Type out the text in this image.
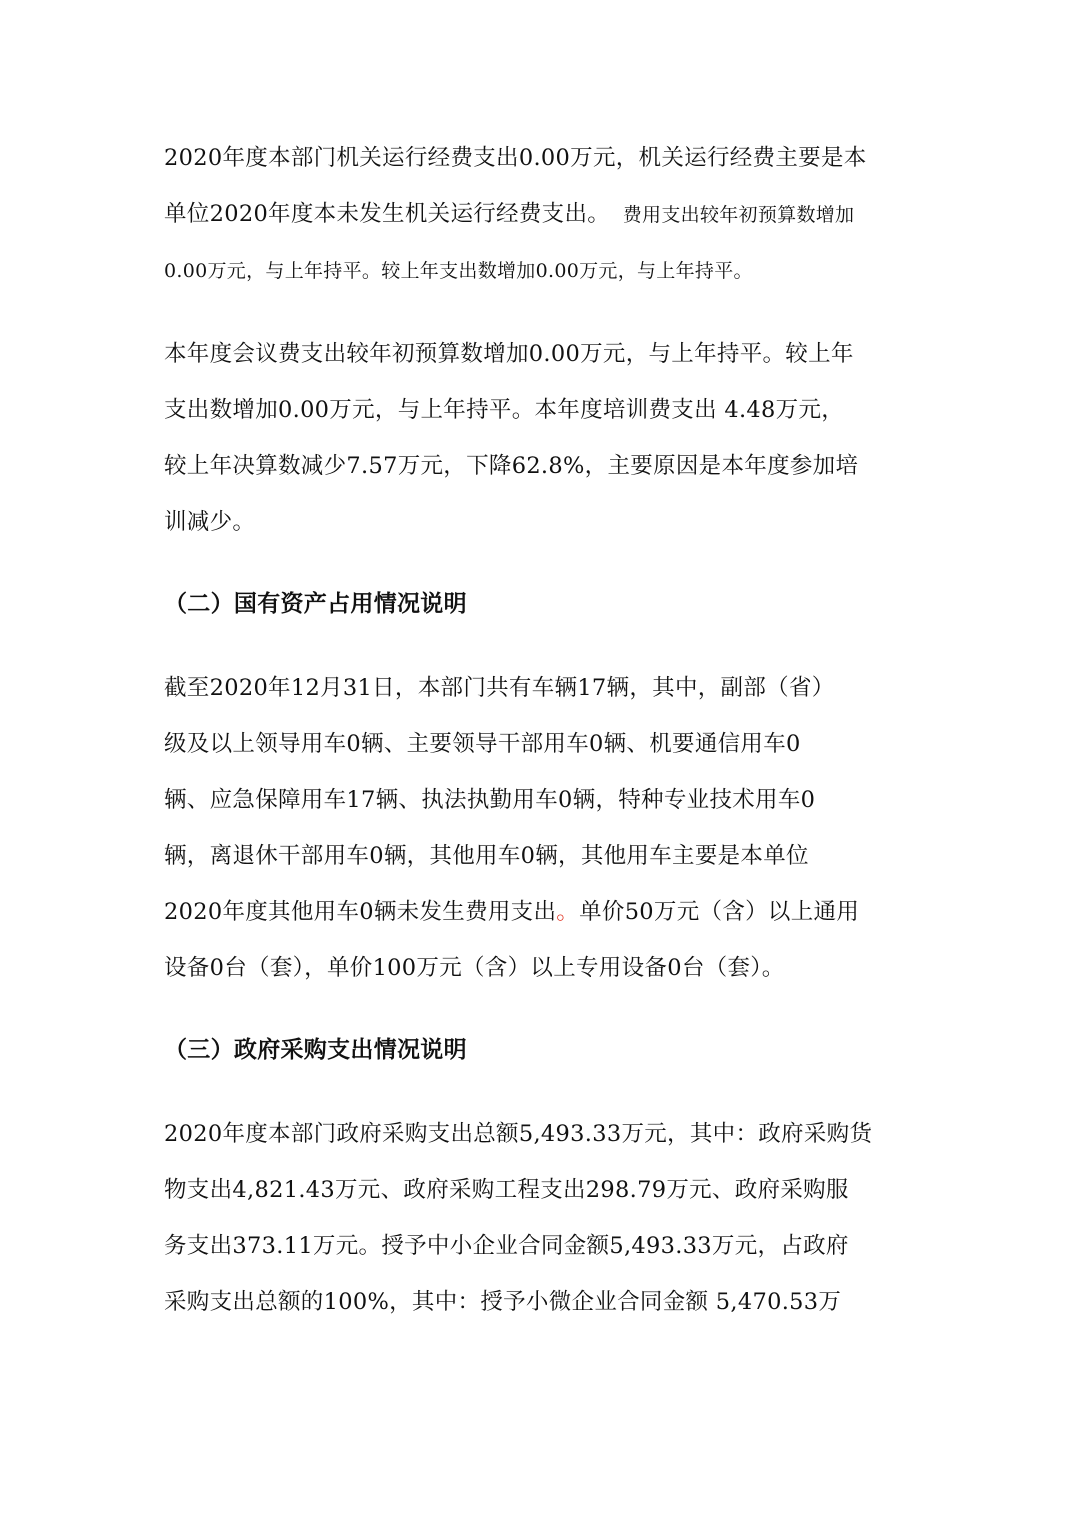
2020年度本部门机关运行经费支出0.00万元，机关运行经费主要是本
单位2020年度本未发生机关运行经费支出。  费用支出较年初预算数增加
0.00万元，与上年持平。较上年支出数增加0.00万元，与上年持平。
本年度会议费支出较年初预算数增加0.00万元，与上年持平。较上年
支出数增加0.00万元，与上年持平。本年度培训费支出 4.48万元，
较上年决算数减少7.57万元，下降62.8%，主要原因是本年度参加培
训减少。
（二）国有资产占用情况说明
截至2020年12月31日，本部门共有车辆17辆，其中，副部（省）
级及以上领导用车0辆、主要领导干部用车0辆、机要通信用车0
辆、应急保障用车17辆、执法执勤用车0辆，特种专业技术用车0
辆，离退休干部用车0辆，其他用车0辆，其他用车主要是本单位
2020年度其他用车0辆未发生费用支出。单价50万元（含）以上通用
设备0台（套），单价100万元（含）以上专用设备0台（套）。
（三）政府采购支出情况说明
2020年度本部门政府采购支出总额5,493.33万元，其中：政府采购货
物支出4,821.43万元、政府采购工程支出298.79万元、政府采购服
务支出373.11万元。授予中小企业合同金额5,493.33万元，占政府
采购支出总额的100%，其中：授予小微企业合同金额 5,470.53万
